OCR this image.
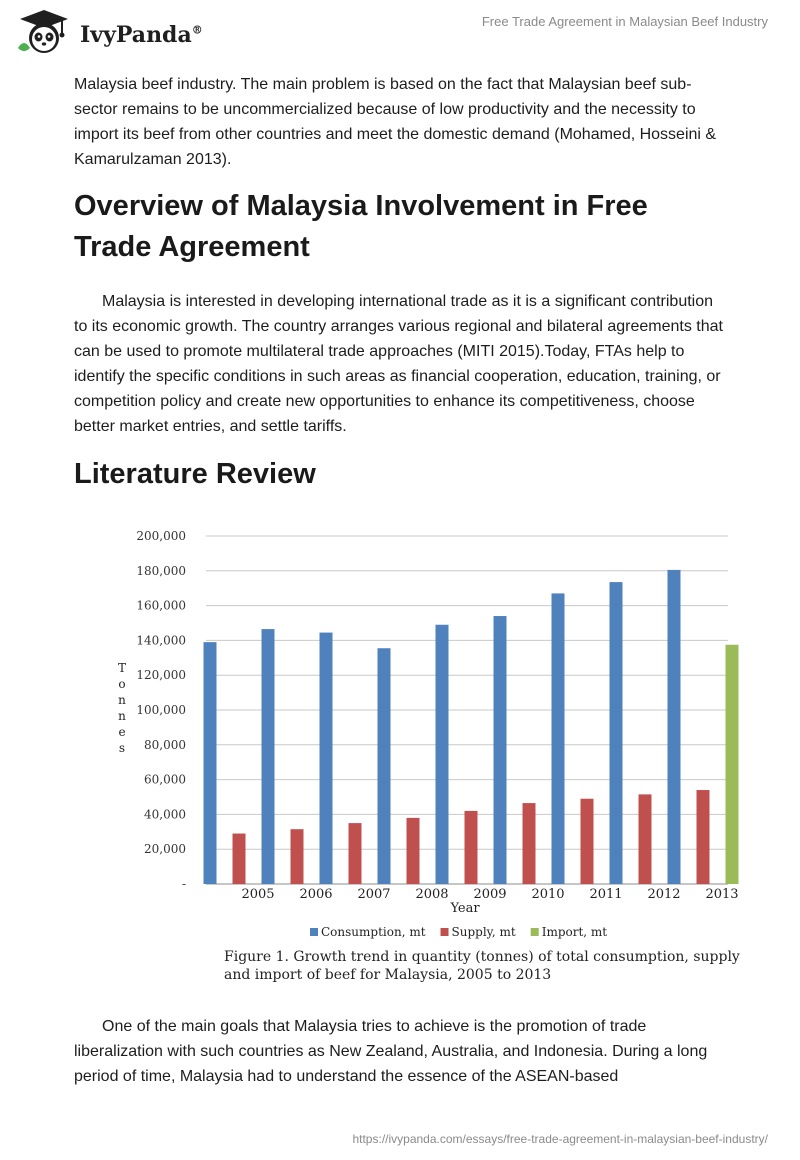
IvyPanda®
Free Trade Agreement in Malaysian Beef Industry

Malaysia beef industry. The main problem is based on the fact that Malaysian beef sub-sector remains to be uncommercialized because of low productivity and the necessity to import its beef from other countries and meet the domestic demand (Mohamed, Hosseini & Kamarulzaman 2013).

Overview of Malaysia Involvement in Free Trade Agreement

Malaysia is interested in developing international trade as it is a significant contribution to its economic growth. The country arranges various regional and bilateral agreements that can be used to promote multilateral trade approaches (MITI 2015).Today, FTAs help to identify the specific conditions in such areas as financial cooperation, education, training, or competition policy and create new opportunities to enhance its competitiveness, choose better market entries, and settle tariffs.

Literature Review
-
20,000
40,000
60,000
80,000
100,000
120,000
140,000
160,000
180,000
200,000
2005 2006 2007 2008 2009 2010 2011 2012 2013
T
o
n
n
e
s
Year
Consumption, mt Supply, mt Import, mt
Figure 1. Growth trend in quantity (tonnes) of total consumption, supply
and import of beef for Malaysia, 2005 to 2013

One of the main goals that Malaysia tries to achieve is the promotion of trade liberalization with such countries as New Zealand, Australia, and Indonesia. During a long period of time, Malaysia had to understand the essence of the ASEAN-based

https://ivypanda.com/essays/free-trade-agreement-in-malaysian-beef-industry/
